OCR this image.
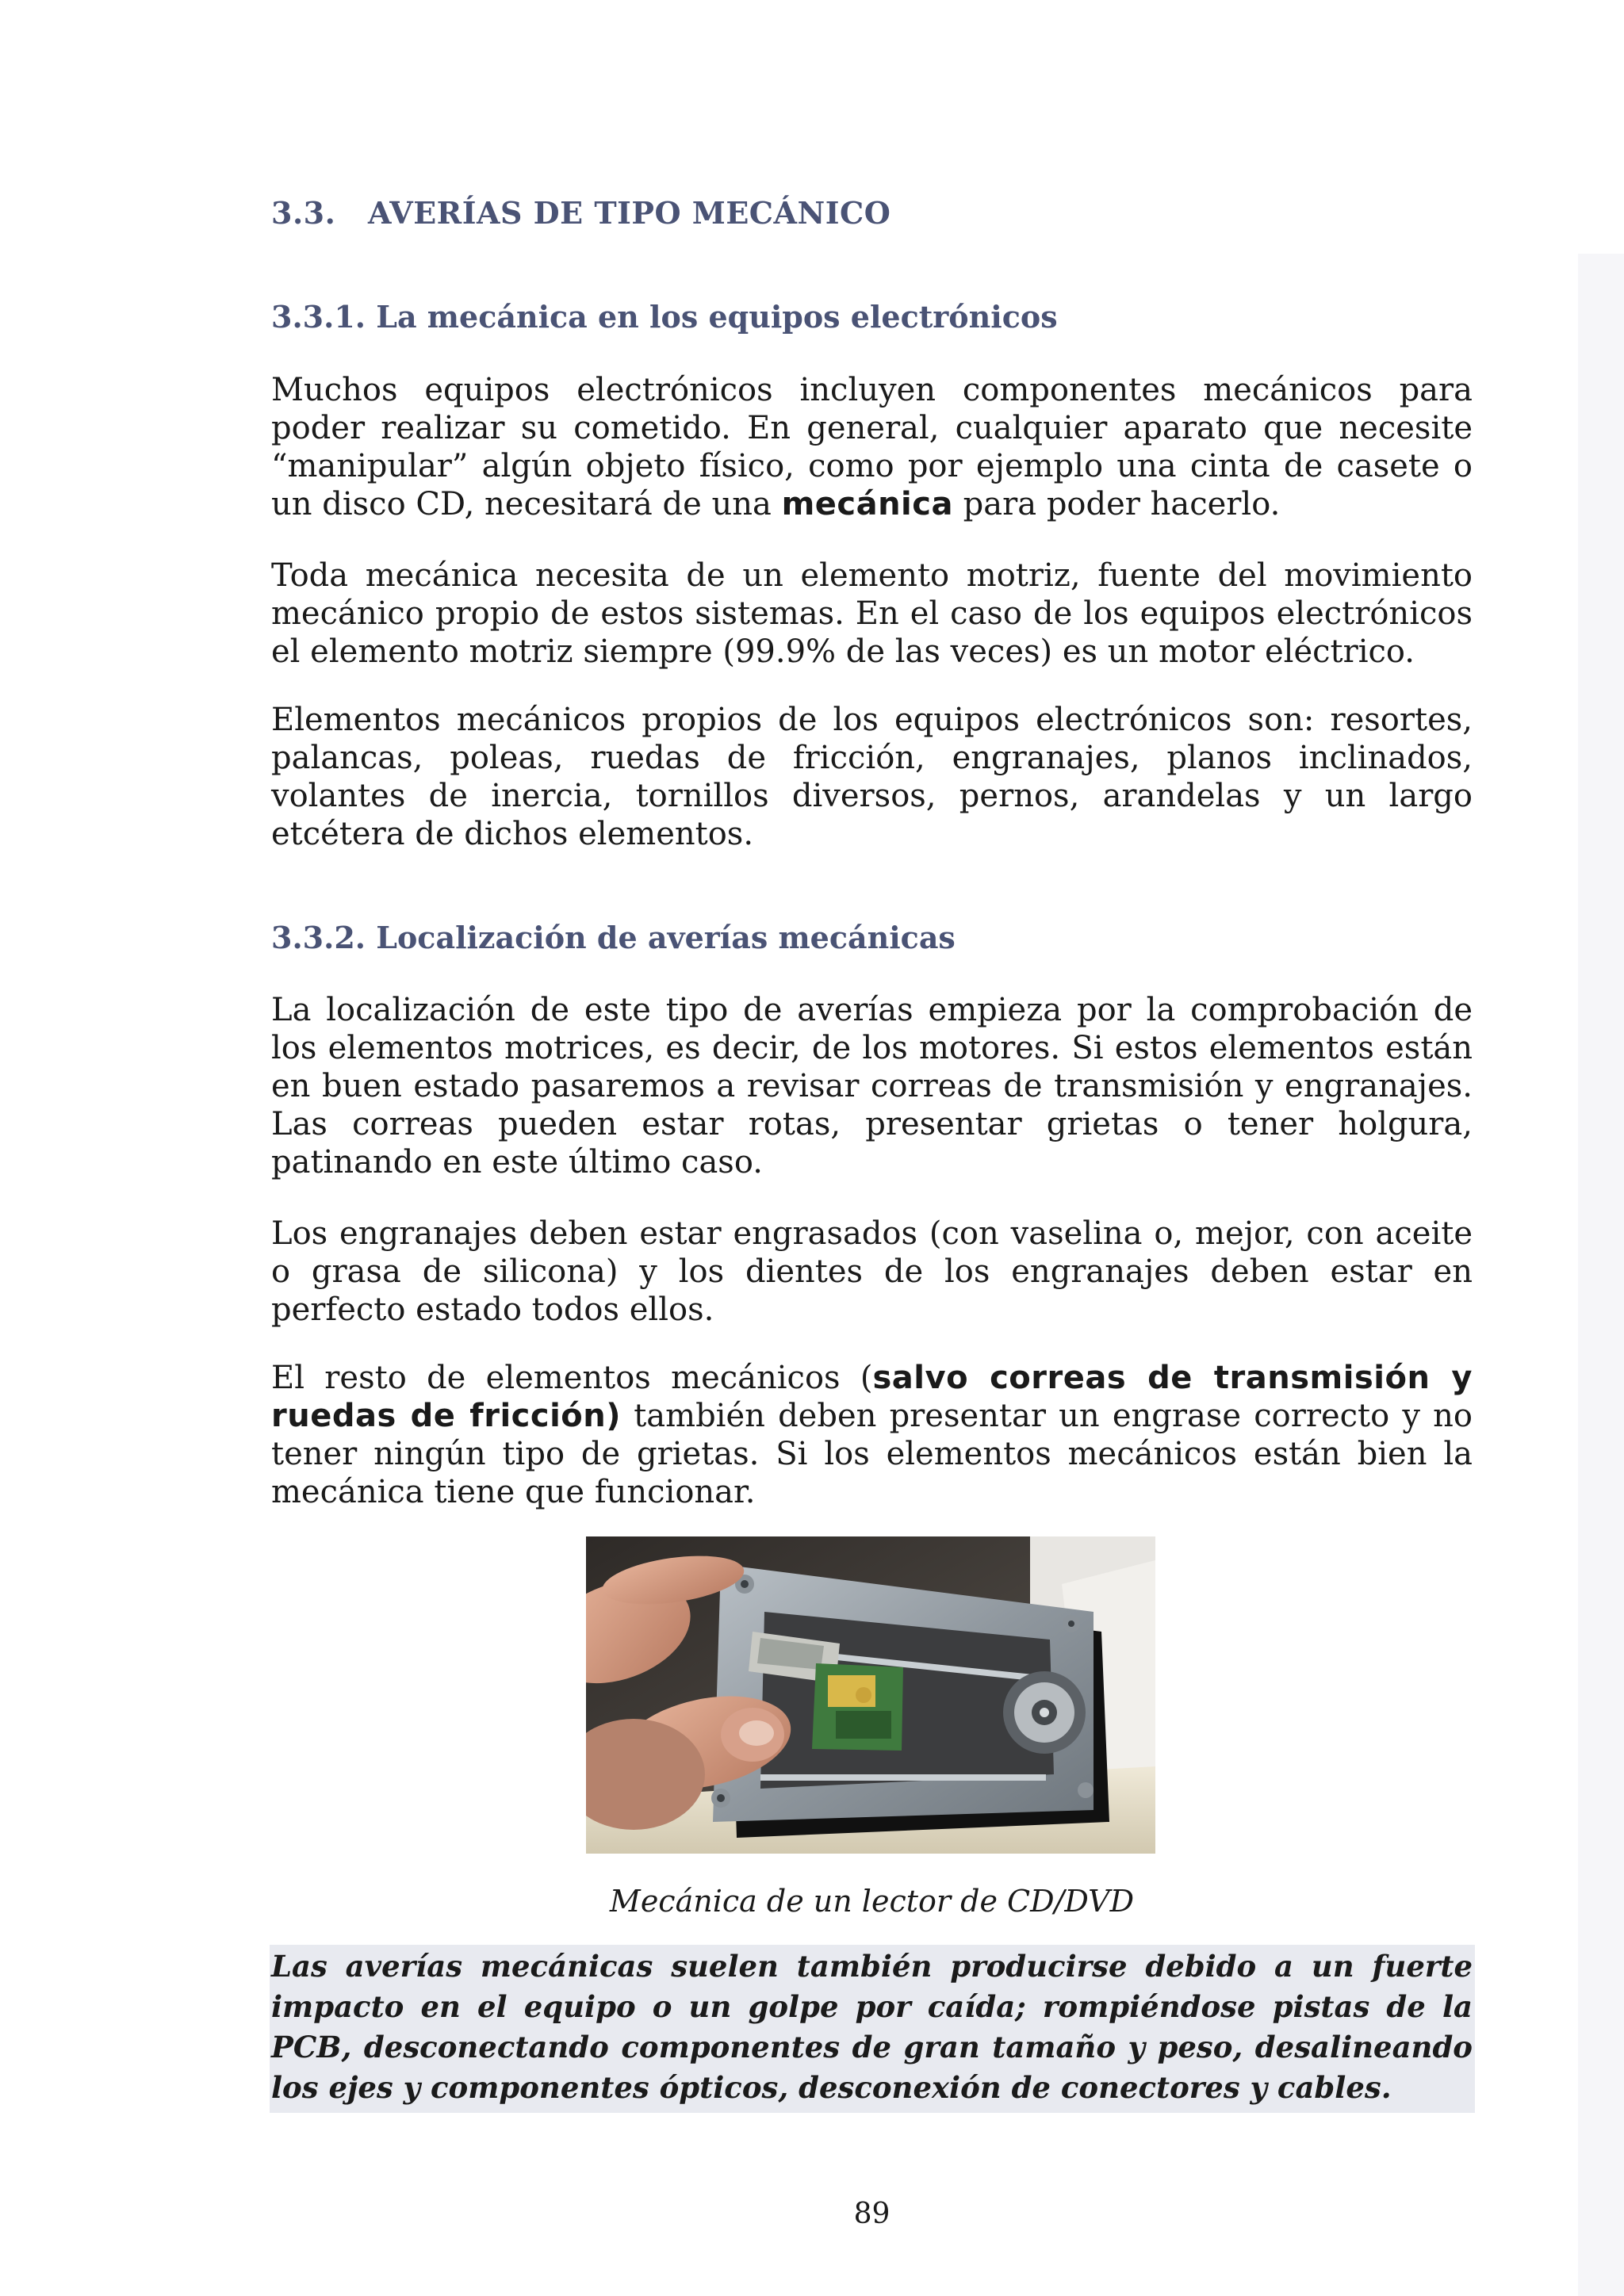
3.3. AVERÍAS DE TIPO MECÁNICO
3.3.1. La mecánica en los equipos electrónicos

Muchos equipos electrónicos incluyen componentes mecánicos para poder realizar su cometido. En general, cualquier aparato que necesite “manipular” algún objeto físico, como por ejemplo una cinta de casete o un disco CD, necesitará de una mecánica para poder hacerlo.

Toda mecánica necesita de un elemento motriz, fuente del movimiento mecánico propio de estos sistemas. En el caso de los equipos electrónicos el elemento motriz siempre (99.9% de las veces) es un motor eléctrico.

Elementos mecánicos propios de los equipos electrónicos son: resortes, palancas, poleas, ruedas de fricción, engranajes, planos inclinados, volantes de inercia, tornillos diversos, pernos, arandelas y un largo etcétera de dichos elementos.

3.3.2. Localización de averías mecánicas

La localización de este tipo de averías empieza por la comprobación de los elementos motrices, es decir, de los motores. Si estos elementos están en buen estado pasaremos a revisar correas de transmisión y engranajes. Las correas pueden estar rotas, presentar grietas o tener holgura, patinando en este último caso.

Los engranajes deben estar engrasados (con vaselina o, mejor, con aceite o grasa de silicona) y los dientes de los engranajes deben estar en perfecto estado todos ellos.

El resto de elementos mecánicos (salvo correas de transmisión y ruedas de fricción) también deben presentar un engrase correcto y no tener ningún tipo de grietas. Si los elementos mecánicos están bien la mecánica tiene que funcionar.

Mecánica de un lector de CD/DVD

Las averías mecánicas suelen también producirse debido a un fuerte impacto en el equipo o un golpe por caída; rompiéndose pistas de la PCB, desconectando componentes de gran tamaño y peso, desalineando los ejes y componentes ópticos, desconexión de conectores y cables.

89
